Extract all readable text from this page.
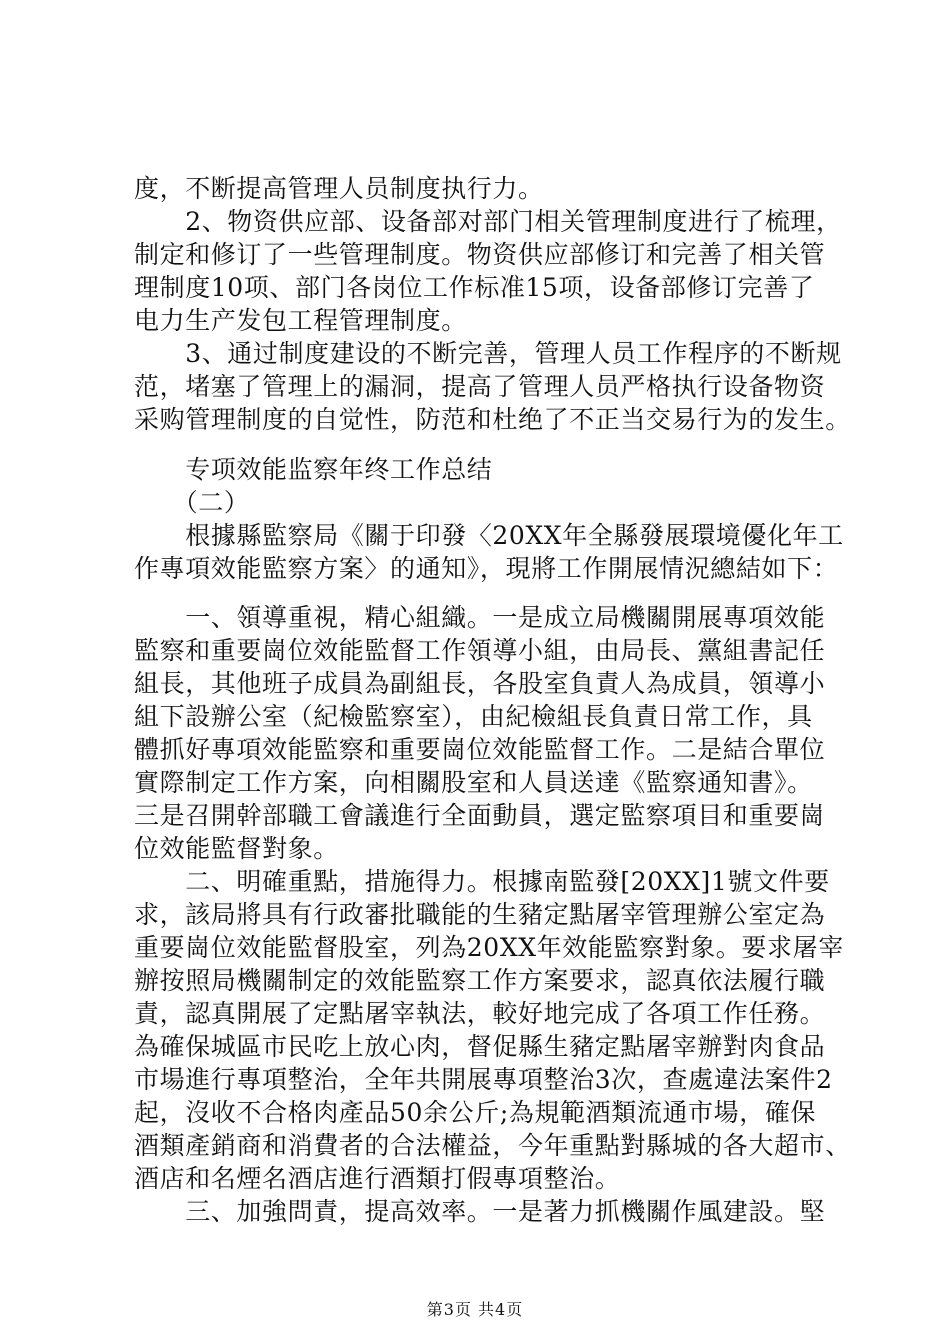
度，不断提高管理人员制度执行力。
　　2、物资供应部、设备部对部门相关管理制度进行了梳理，
制定和修订了一些管理制度。物资供应部修订和完善了相关管
理制度10项、部门各岗位工作标准15项，设备部修订完善了
电力生产发包工程管理制度。
　　3、通过制度建设的不断完善，管理人员工作程序的不断规
范，堵塞了管理上的漏洞，提高了管理人员严格执行设备物资
采购管理制度的自觉性，防范和杜绝了不正当交易行为的发生。
　　专项效能监察年终工作总结
　　（二）
　　根據縣監察局《關于印發〈20XX年全縣發展環境優化年工
作專項效能監察方案〉的通知》，現將工作開展情況總結如下：
　　一、領導重視，精心組織。一是成立局機關開展專項效能
監察和重要崗位效能監督工作領導小組，由局長、黨組書記任
組長，其他班子成員為副組長，各股室負責人為成員，領導小
組下設辦公室（紀檢監察室），由紀檢組長負責日常工作，具
體抓好專項效能監察和重要崗位效能監督工作。二是結合單位
實際制定工作方案，向相關股室和人員送達《監察通知書》。
三是召開幹部職工會議進行全面動員，選定監察項目和重要崗
位效能監督對象。
　　二、明確重點，措施得力。根據南監發[20XX]1號文件要
求，該局將具有行政審批職能的生豬定點屠宰管理辦公室定為
重要崗位效能監督股室，列為20XX年效能監察對象。要求屠宰
辦按照局機關制定的效能監察工作方案要求，認真依法履行職
責，認真開展了定點屠宰執法，較好地完成了各項工作任務。
為確保城區市民吃上放心肉，督促縣生豬定點屠宰辦對肉食品
市場進行專項整治，全年共開展專項整治3次，查處違法案件2
起，沒收不合格肉產品50余公斤;為規範酒類流通市場，確保
酒類產銷商和消費者的合法權益，今年重點對縣城的各大超市、
酒店和名煙名酒店進行酒類打假專項整治。
　　三、加強問責，提高效率。一是著力抓機關作風建設。堅
第3页 共4页
